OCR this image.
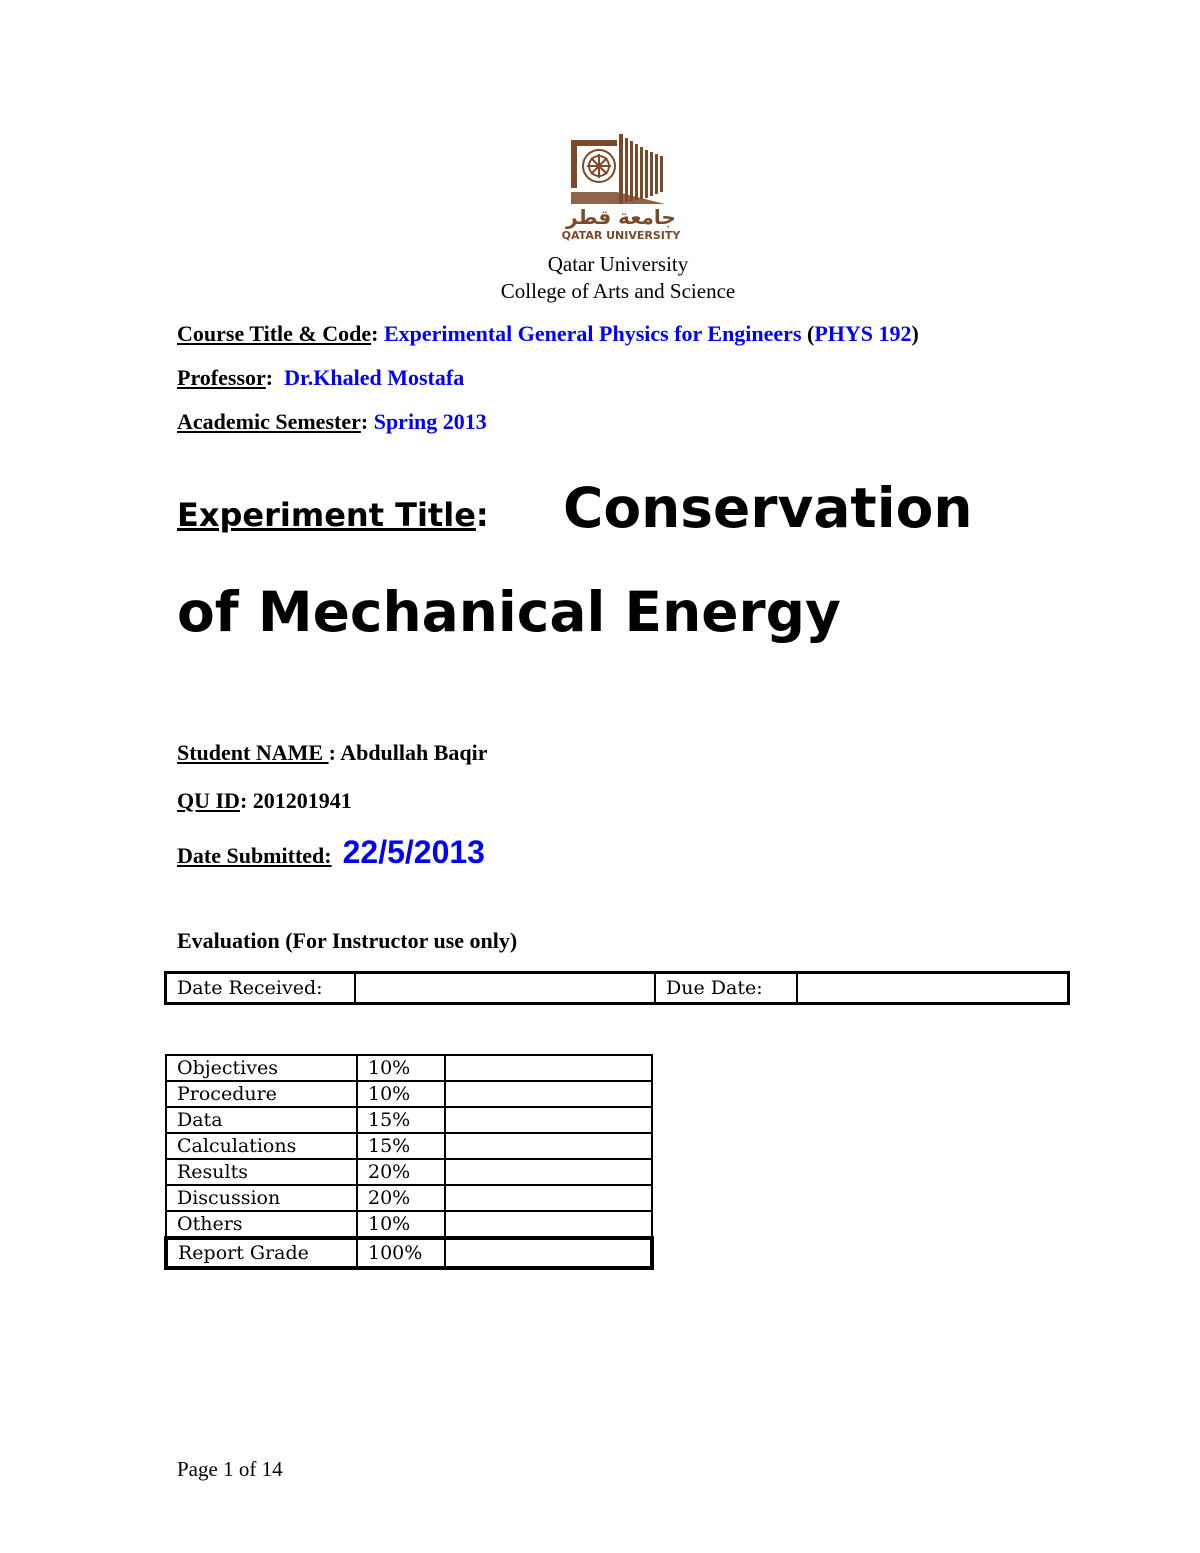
جامعة قطر
QATAR UNIVERSITY
Qatar University
College of Arts and Science
Course Title & Code: Experimental General Physics for Engineers (PHYS 192)
Professor:  Dr.Khaled Mostafa
Academic Semester: Spring 2013
Experiment Title: Conservation
of Mechanical Energy
Student NAME : Abdullah Baqir
QU ID: 201201941
Date Submitted: 22/5/2013
Evaluation (For Instructor use only)
Date Received:		Due Date:	
Objectives	10%	
Procedure	10%	
Data	15%	
Calculations	15%	
Results	20%	
Discussion	20%	
Others	10%	
Report Grade	100%	
Page 1 of 14
